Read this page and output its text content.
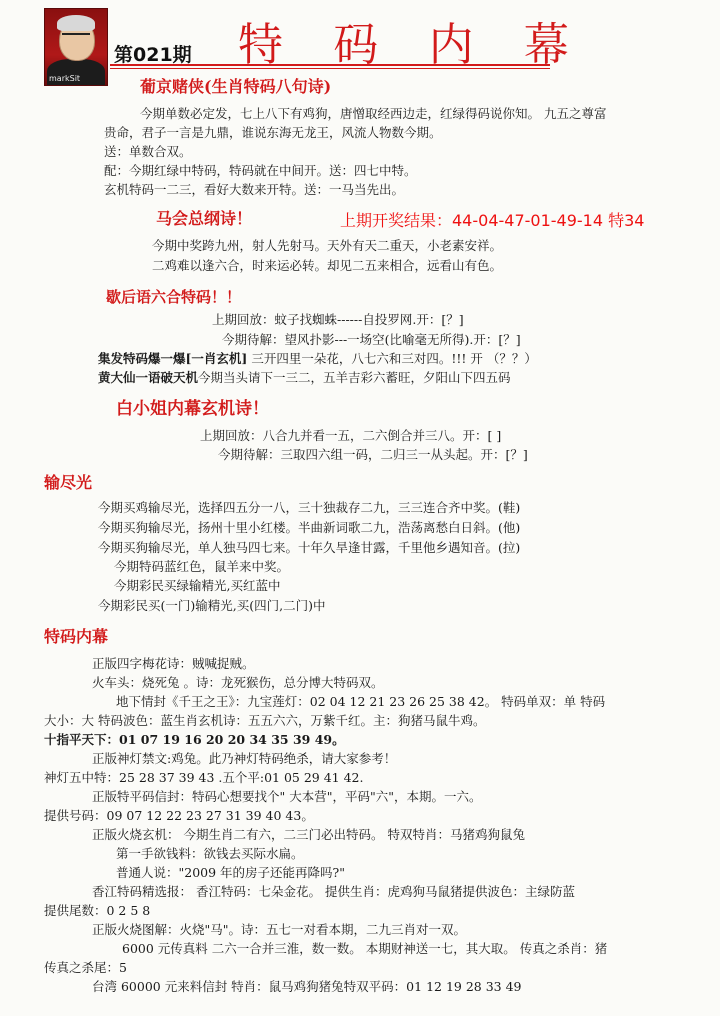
markSit
第021期 特 码 内 幕
葡京赌侠(生肖特码八句诗)
今期单数必定发，七上八下有鸡狗，唐憎取经西边走，红绿得码说你知。 九五之尊富
贵命，君子一言是九鼎，谁说东海无龙王，风流人物数今期。
送：单数合双。
配：今期红绿中特码，特码就在中间开。送：四七中特。
玄机特码一二三，看好大数来开特。送：一马当先出。
马会总纲诗！	上期开奖结果：44-04-47-01-49-14 特34
今期中奖跨九州，射人先射马。天外有天二重天，小老素安祥。
二鸡难以逢六合，时来运必转。却见二五来相合，远看山有色。
歇后语六合特码！！
上期回放：蚊子找蜘蛛------自投罗网.开：[？]
今期待解：望风扑影---一场空(比喻毫无所得).开：[？]
集发特码爆一爆[一肖玄机] 三开四里一朵花，八七六和三对四。!!! 开 （？？）
黄大仙一语破天机今期当头请下一三二，五羊吉彩六蓄旺，夕阳山下四五码
白小姐内幕玄机诗！
上期回放：八合九并看一五，二六倒合并三八。开：[ ]
今期待解：三取四六组一码，二归三一从头起。开：[？]
输尽光
今期买鸡输尽光，选择四五分一八，三十独裁存二九，三三连合齐中奖。(鞋)
今期买狗输尽光，扬州十里小红楼。半曲新词歌二九，浩荡离愁白日斜。(他)
今期买狗输尽光，单人独马四七来。十年久旱逢甘露，千里他乡遇知音。(拉)
今期特码蓝红色，鼠羊来中奖。
今期彩民买绿输精光,买红蓝中
今期彩民买(一门)输精光,买(四门,二门)中
特码内幕
正版四字梅花诗：贼喊捉贼。
火车头：烧死兔 。诗：龙死猴伤，总分博大特码双。
地下情封《千王之王》：九宝莲灯：02 04 12 21 23 26 25 38 42。 特码单双：单 特码
大小：大 特码波色：蓝生肖玄机诗：五五六六，万紫千红。主：狗猪马鼠牛鸡。
十指平天下：01 07 19 16 20 20 34 35 39 49。
正版神灯禁文:鸡兔。此乃神灯特码绝杀，请大家参考！
神灯五中特：25 28 37 39 43 .五个平:01 05 29 41 42.
正版特平码信封：特码心想要找个" 大本营"，平码"六"，本期。一六。
提供号码：09 07 12 22 23 27 31 39 40 43。
正版火烧玄机： 今期生肖二有六，二三门必出特码。 特双特肖：马猪鸡狗鼠兔
第一手欲钱料：欲钱去买际水扁。
普通人说："2009 年的房子还能再降吗?"
香江特码精选报： 香江特码：七朵金花。 提供生肖：虎鸡狗马鼠猪提供波色：主绿防蓝
提供尾数：0 2 5 8
正版火烧图解：火烧"马"。诗：五七一对看本期，二九三肖对一双。
6000 元传真料 二六一合并三淮，数一数。 本期财神送一七，其大取。 传真之杀肖：猪
传真之杀尾：5
台湾 60000 元来料信封 特肖：鼠马鸡狗猪兔特双平码：01 12 19 28 33 49
